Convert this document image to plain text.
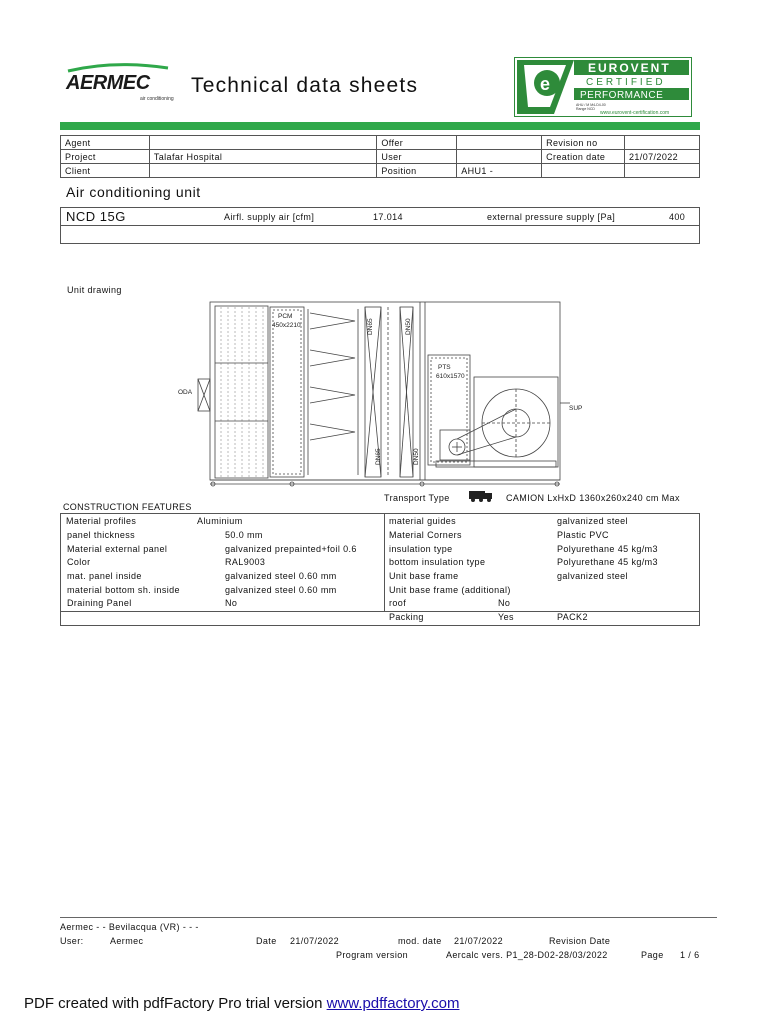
AERMEC
air conditioning
Technical data sheets	e
EUROVENT
CERTIFIED
PERFORMANCE
AHU / M M4-D4-00
Range NCD
www.eurovent-certification.com
Agent		Offer		Revision no	
Project	Talafar Hospital	User		Creation date	21/07/2022
Client		Position	AHU1 -		
Air conditioning unit
NCD 15G	Airfl. supply air [cfm]	17.014	external pressure supply [Pa]	400
Unit drawing
PCM
450x2210
PTS
610x1570
ODA
SUP
DN65	DN50
DN65	DN50
Transport Type	CAMION LxHxD 1360x260x240 cm Max
CONSTRUCTION FEATURES
Material profiles	Aluminium
panel thickness	50.0 mm
Material external panel	galvanized prepainted+foil 0.6
Color	RAL9003
mat. panel inside	galvanized steel 0.60 mm
material bottom sh. inside	galvanized steel 0.60 mm
Draining Panel	No
material guides	galvanized steel
Material Corners	Plastic PVC
insulation type	Polyurethane 45 kg/m3
bottom insulation type	Polyurethane 45 kg/m3
Unit base frame	galvanized steel
Unit base frame (additional)
roof	No
Packing	Yes	PACK2
Aermec - - Bevilacqua (VR) - - -
User:	Aermec	Date 21/07/2022	mod. date 21/07/2022	Revision Date
Program version	Aercalc vers. P1_28-D02-28/03/2022	Page 1 / 6
PDF created with pdfFactory Pro trial version www.pdffactory.com
